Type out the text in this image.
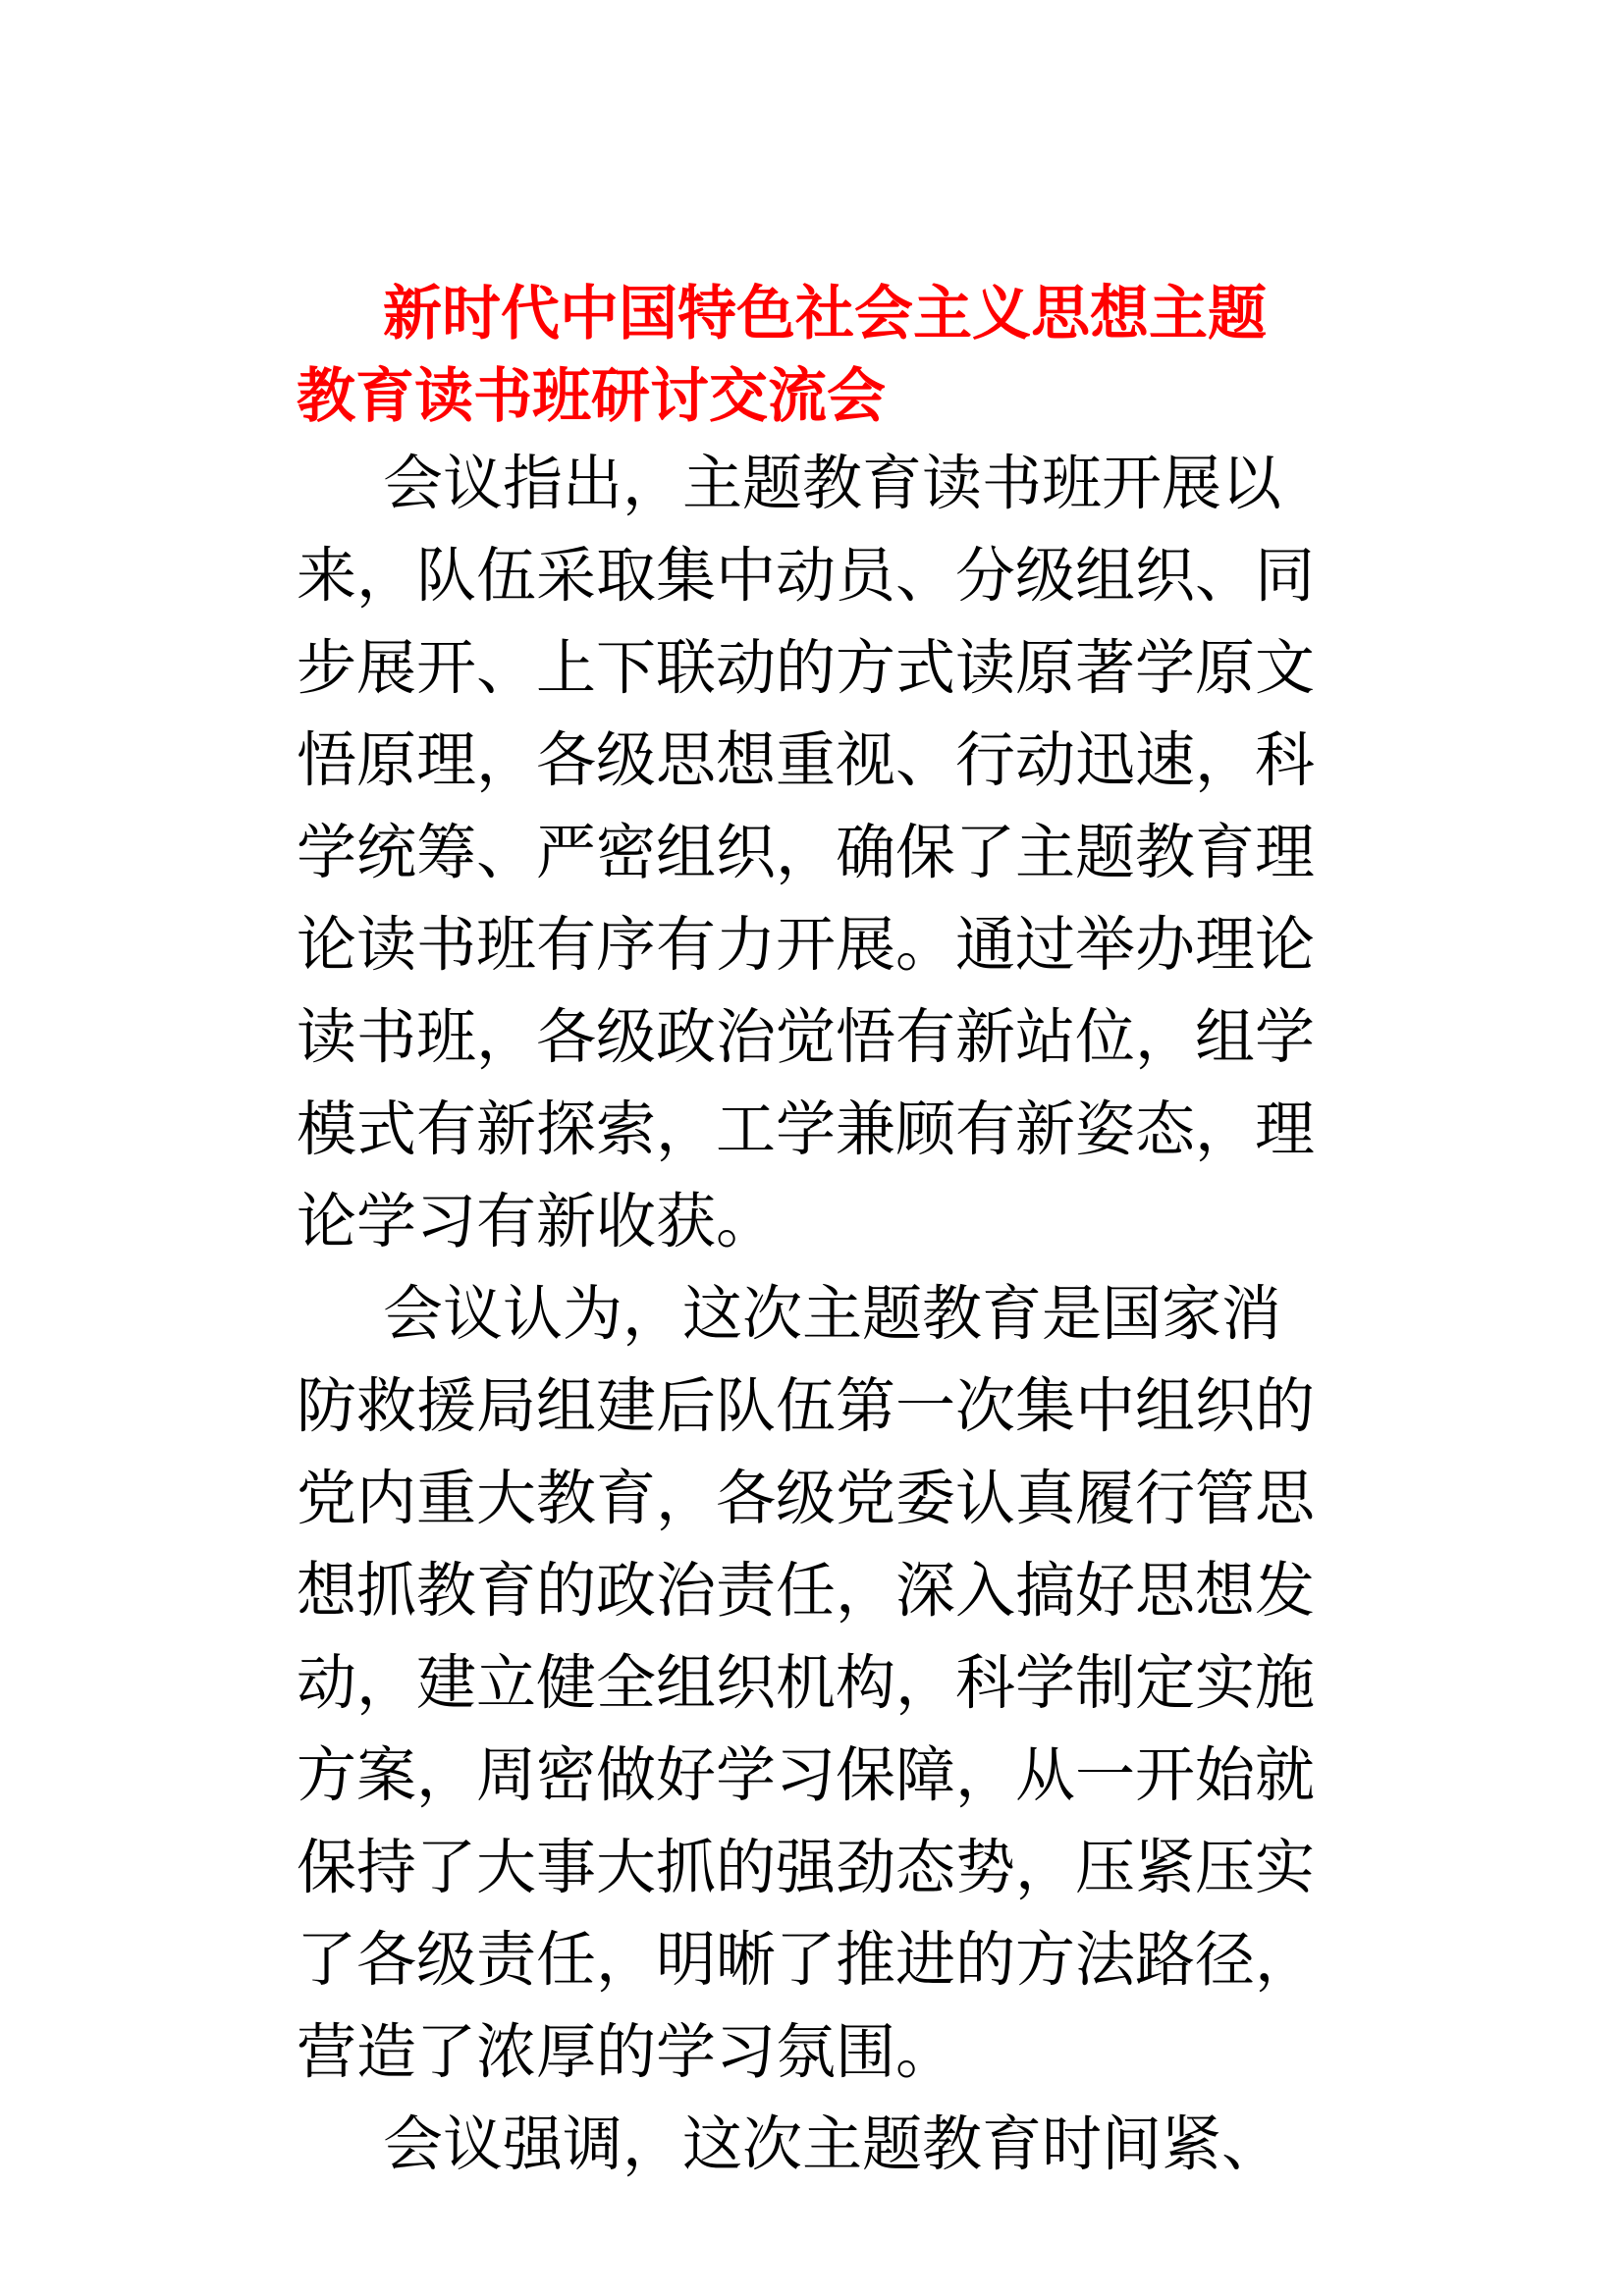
新时代中国特色社会主义思想主题
教育读书班研讨交流会
会议指出，主题教育读书班开展以
来，队伍采取集中动员、分级组织、同
步展开、上下联动的方式读原著学原文
悟原理，各级思想重视、行动迅速，科
学统筹、严密组织，确保了主题教育理
论读书班有序有力开展。通过举办理论
读书班，各级政治觉悟有新站位，组学
模式有新探索，工学兼顾有新姿态，理
论学习有新收获。
会议认为，这次主题教育是国家消
防救援局组建后队伍第一次集中组织的
党内重大教育，各级党委认真履行管思
想抓教育的政治责任，深入搞好思想发
动，建立健全组织机构，科学制定实施
方案，周密做好学习保障，从一开始就
保持了大事大抓的强劲态势，压紧压实
了各级责任，明晰了推进的方法路径，
营造了浓厚的学习氛围。
会议强调，这次主题教育时间紧、
